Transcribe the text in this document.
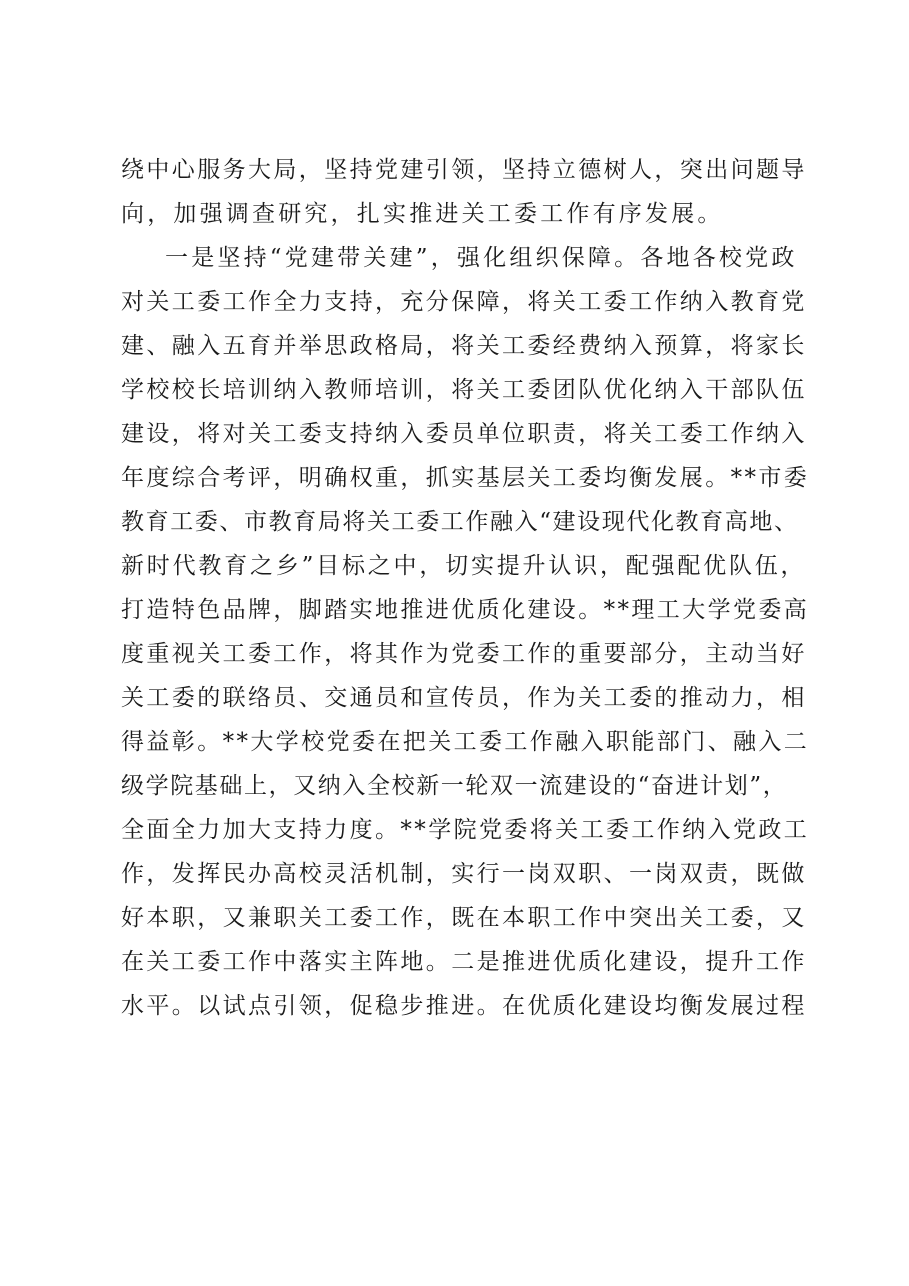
绕中心服务大局，坚持党建引领，坚持立德树人，突出问题导
向，加强调查研究，扎实推进关工委工作有序发展。
一是坚持“党建带关建”，强化组织保障。各地各校党政
对关工委工作全力支持，充分保障，将关工委工作纳入教育党
建、融入五育并举思政格局，将关工委经费纳入预算，将家长
学校校长培训纳入教师培训，将关工委团队优化纳入干部队伍
建设，将对关工委支持纳入委员单位职责，将关工委工作纳入
年度综合考评，明确权重，抓实基层关工委均衡发展。**市委
教育工委、市教育局将关工委工作融入“建设现代化教育高地、
新时代教育之乡”目标之中，切实提升认识，配强配优队伍，
打造特色品牌，脚踏实地推进优质化建设。**理工大学党委高
度重视关工委工作，将其作为党委工作的重要部分，主动当好
关工委的联络员、交通员和宣传员，作为关工委的推动力，相
得益彰。**大学校党委在把关工委工作融入职能部门、融入二
级学院基础上，又纳入全校新一轮双一流建设的“奋进计划”，
全面全力加大支持力度。**学院党委将关工委工作纳入党政工
作，发挥民办高校灵活机制，实行一岗双职、一岗双责，既做
好本职，又兼职关工委工作，既在本职工作中突出关工委，又
在关工委工作中落实主阵地。二是推进优质化建设，提升工作
水平。以试点引领，促稳步推进。在优质化建设均衡发展过程
